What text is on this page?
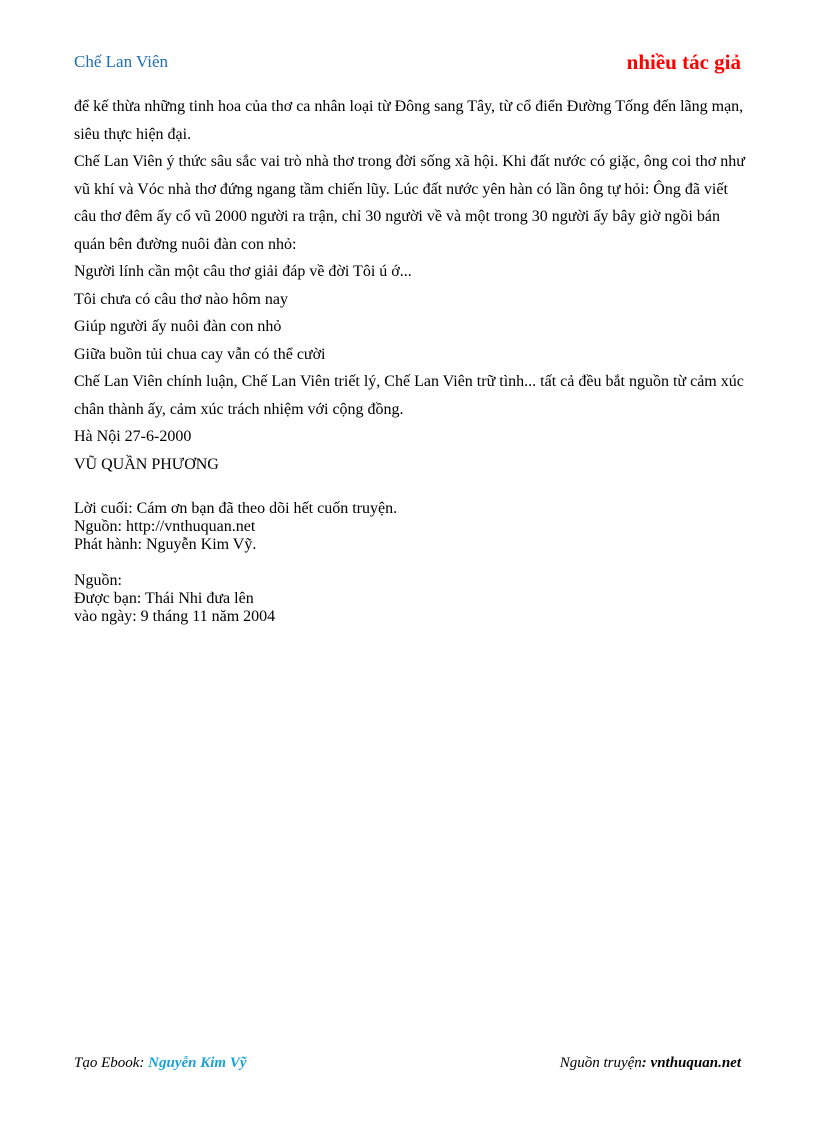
Chế Lan Viên	nhiều tác giả

để kế thừa những tinh hoa của thơ ca nhân loại từ Đông sang Tây, từ cổ điển Đường Tống đến lãng mạn, siêu thực hiện đại.

Chế Lan Viên ý thức sâu sắc vai trò nhà thơ trong đời sống xã hội. Khi đất nước có giặc, ông coi thơ như vũ khí và Vóc nhà thơ đứng ngang tầm chiến lũy. Lúc đất nước yên hàn có lần ông tự hỏi: Ông đã viết câu thơ đêm ấy cổ vũ 2000 người ra trận, chỉ 30 người về và một trong 30 người ấy bây giờ ngồi bán quán bên đường nuôi đàn con nhỏ:

Người lính cần một câu thơ giải đáp về đời Tôi ú ớ...

Tôi chưa có câu thơ nào hôm nay

Giúp người ấy nuôi đàn con nhỏ

Giữa buồn tủi chua cay vẫn có thể cười

Chế Lan Viên chính luận, Chế Lan Viên triết lý, Chế Lan Viên trữ tình... tất cả đều bắt nguồn từ cảm xúc chân thành ấy, cảm xúc trách nhiệm với cộng đồng.

Hà Nội 27-6-2000

VŨ QUẦN PHƯƠNG

Lời cuối: Cám ơn bạn đã theo dõi hết cuốn truyện.

Nguồn: http://vnthuquan.net

Phát hành: Nguyễn Kim Vỹ.

Nguồn:

Được bạn: Thái Nhi đưa lên

vào ngày: 9 tháng 11 năm 2004

Tạo Ebook: Nguyễn Kim Vỹ	Nguồn truyện: vnthuquan.net
